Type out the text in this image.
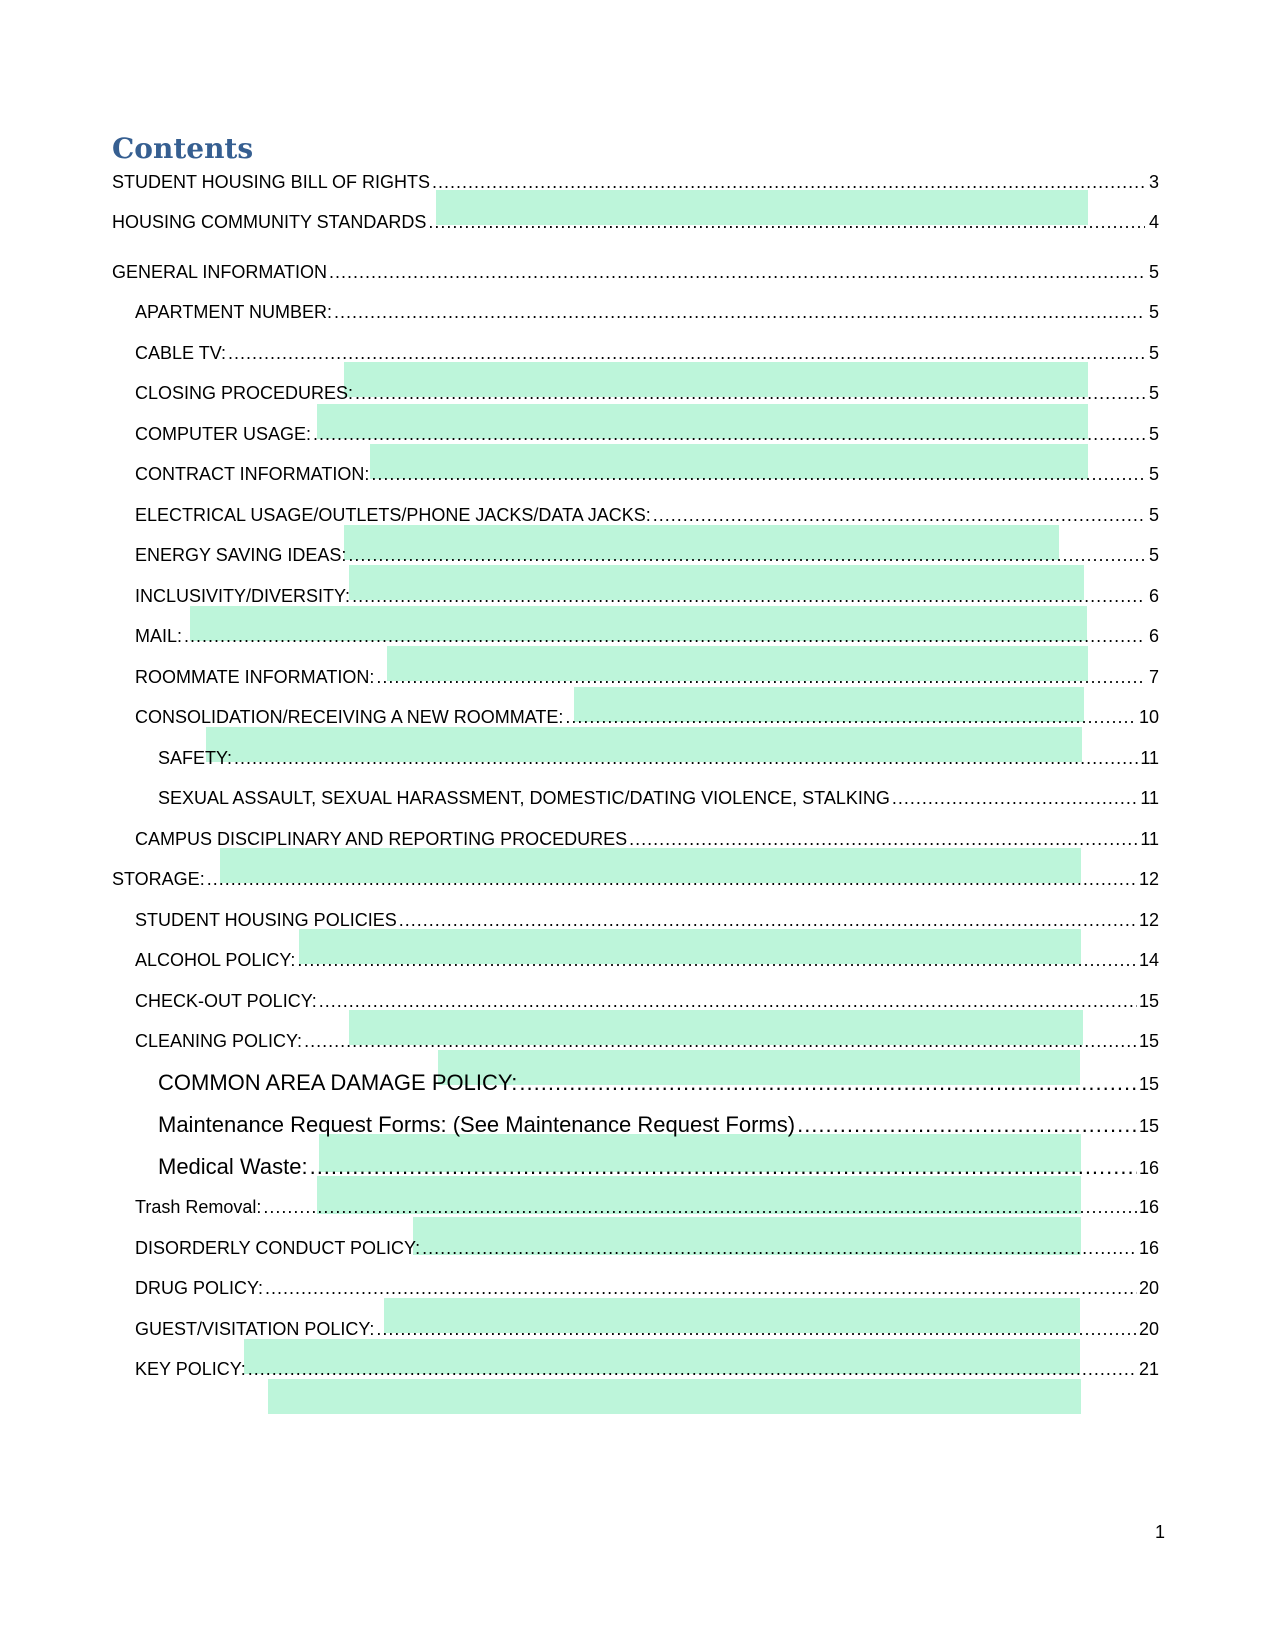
Contents
STUDENT HOUSING BILL OF RIGHTS .....	3
HOUSING COMMUNITY STANDARDS .....	4
GENERAL INFORMATION .....	5
APARTMENT NUMBER: .....	5
CABLE TV: .....	5
CLOSING PROCEDURES: .....	5
COMPUTER USAGE: .....	5
CONTRACT INFORMATION: .....	5
ELECTRICAL USAGE/OUTLETS/PHONE JACKS/DATA JACKS: .....	5
ENERGY SAVING IDEAS: .....	5
INCLUSIVITY/DIVERSITY: .....	6
MAIL: .....	6
ROOMMATE INFORMATION: .....	7
CONSOLIDATION/RECEIVING A NEW ROOMMATE: .....	10
SAFETY: .....	11
SEXUAL ASSAULT, SEXUAL HARASSMENT, DOMESTIC/DATING VIOLENCE, STALKING .....	11
CAMPUS DISCIPLINARY AND REPORTING PROCEDURES .....	11
STORAGE: .....	12
STUDENT HOUSING POLICIES .....	12
ALCOHOL POLICY: .....	14
CHECK-OUT POLICY: .....	15
CLEANING POLICY: .....	15
COMMON AREA DAMAGE POLICY: .....	15
Maintenance Request Forms: (See Maintenance Request Forms) .....	15
Medical Waste: .....	16
Trash Removal: .....	16
DISORDERLY CONDUCT POLICY: .....	16
DRUG POLICY: .....	20
GUEST/VISITATION POLICY: .....	20
KEY POLICY: .....	21
1
